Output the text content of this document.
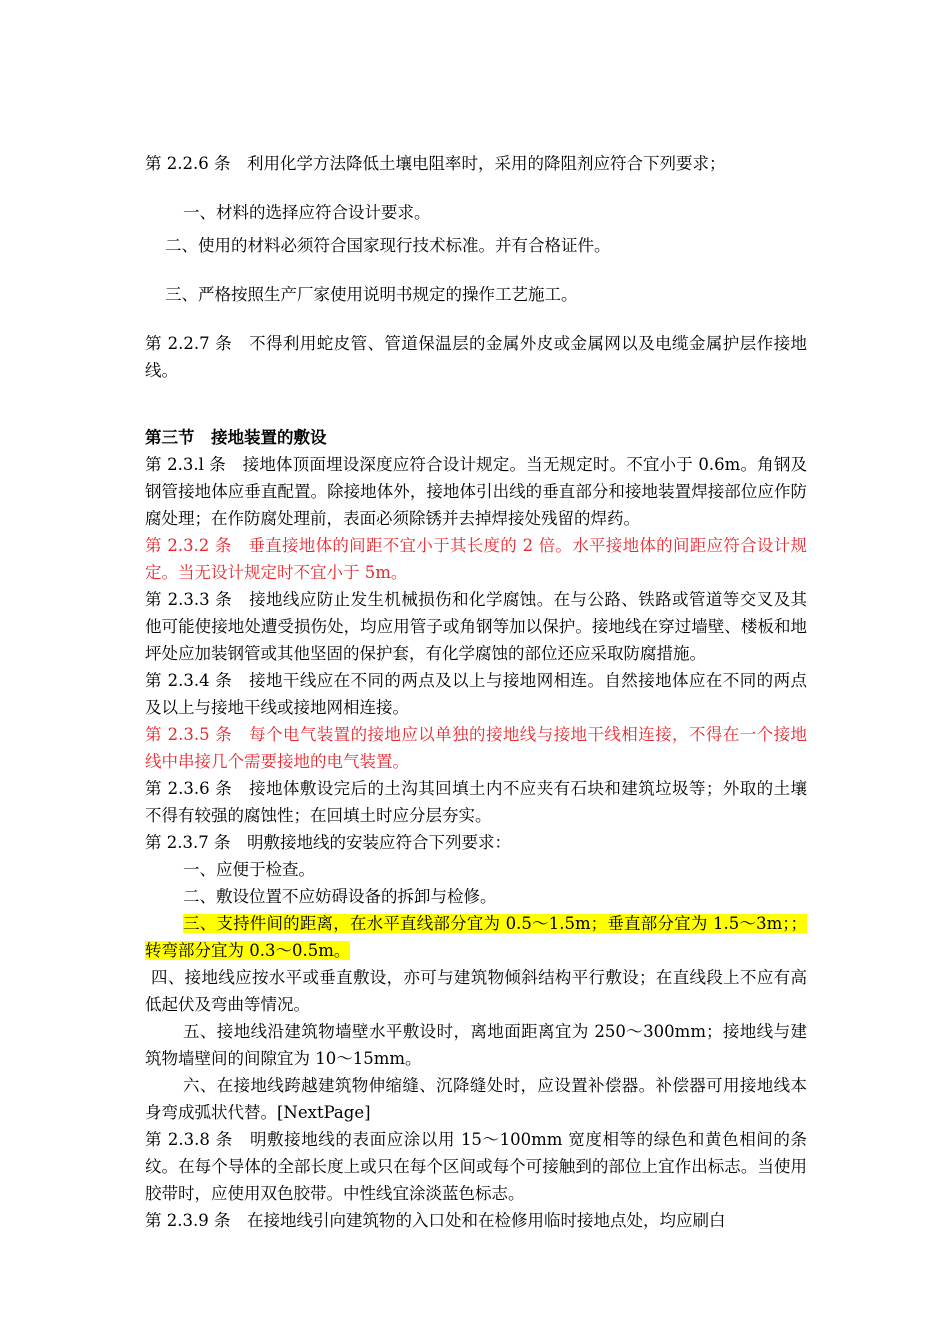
第 2.2.6 条　利用化学方法降低土壤电阻率时，采用的降阻剂应符合下列要求；

一、材料的选择应符合设计要求。

二、使用的材料必须符合国家现行技术标准。并有合格证件。

三、严格按照生产厂家使用说明书规定的操作工艺施工。

第 2.2.7 条　不得利用蛇皮管、管道保温层的金属外皮或金属网以及电缆金属护层作接地线。

第三节　接地装置的敷设

第 2.3.l 条　接地体顶面埋设深度应符合设计规定。当无规定时。不宜小于 0.6m。角钢及钢管接地体应垂直配置。除接地体外，接地体引出线的垂直部分和接地装置焊接部位应作防腐处理；在作防腐处理前，表面必须除锈并去掉焊接处残留的焊药。

第 2.3.2 条　垂直接地体的间距不宜小于其长度的 2 倍。水平接地体的间距应符合设计规定。当无设计规定时不宜小于 5m。

第 2.3.3 条　接地线应防止发生机械损伤和化学腐蚀。在与公路、铁路或管道等交叉及其他可能使接地处遭受损伤处，均应用管子或角钢等加以保护。接地线在穿过墙壁、楼板和地坪处应加装钢管或其他坚固的保护套，有化学腐蚀的部位还应采取防腐措施。

第 2.3.4 条　接地干线应在不同的两点及以上与接地网相连。自然接地体应在不同的两点及以上与接地干线或接地网相连接。

第 2.3.5 条　每个电气装置的接地应以单独的接地线与接地干线相连接，不得在一个接地线中串接几个需要接地的电气装置。

第 2.3.6 条　接地体敷设完后的土沟其回填土内不应夹有石块和建筑垃圾等；外取的土壤不得有较强的腐蚀性；在回填土时应分层夯实。

第 2.3.7 条　明敷接地线的安装应符合下列要求：

一、应便于检查。

二、敷设位置不应妨碍设备的拆卸与检修。

三、支持件间的距离，在水平直线部分宜为 0.5～1.5m；垂直部分宜为 1.5～3m；；转弯部分宜为 0.3～0.5m。

四、接地线应按水平或垂直敷设，亦可与建筑物倾斜结构平行敷设；在直线段上不应有高低起伏及弯曲等情况。

五、接地线沿建筑物墙壁水平敷设时，离地面距离宜为 250～300mm；接地线与建筑物墙壁间的间隙宜为 10～15mm。

六、在接地线跨越建筑物伸缩缝、沉降缝处时，应设置补偿器。补偿器可用接地线本身弯成弧状代替。[NextPage]

第 2.3.8 条　明敷接地线的表面应涂以用 15～100mm 宽度相等的绿色和黄色相间的条纹。在每个导体的全部长度上或只在每个区间或每个可接触到的部位上宜作出标志。当使用胶带时，应使用双色胶带。中性线宜涂淡蓝色标志。

第 2.3.9 条　在接地线引向建筑物的入口处和在检修用临时接地点处，均应刷白
